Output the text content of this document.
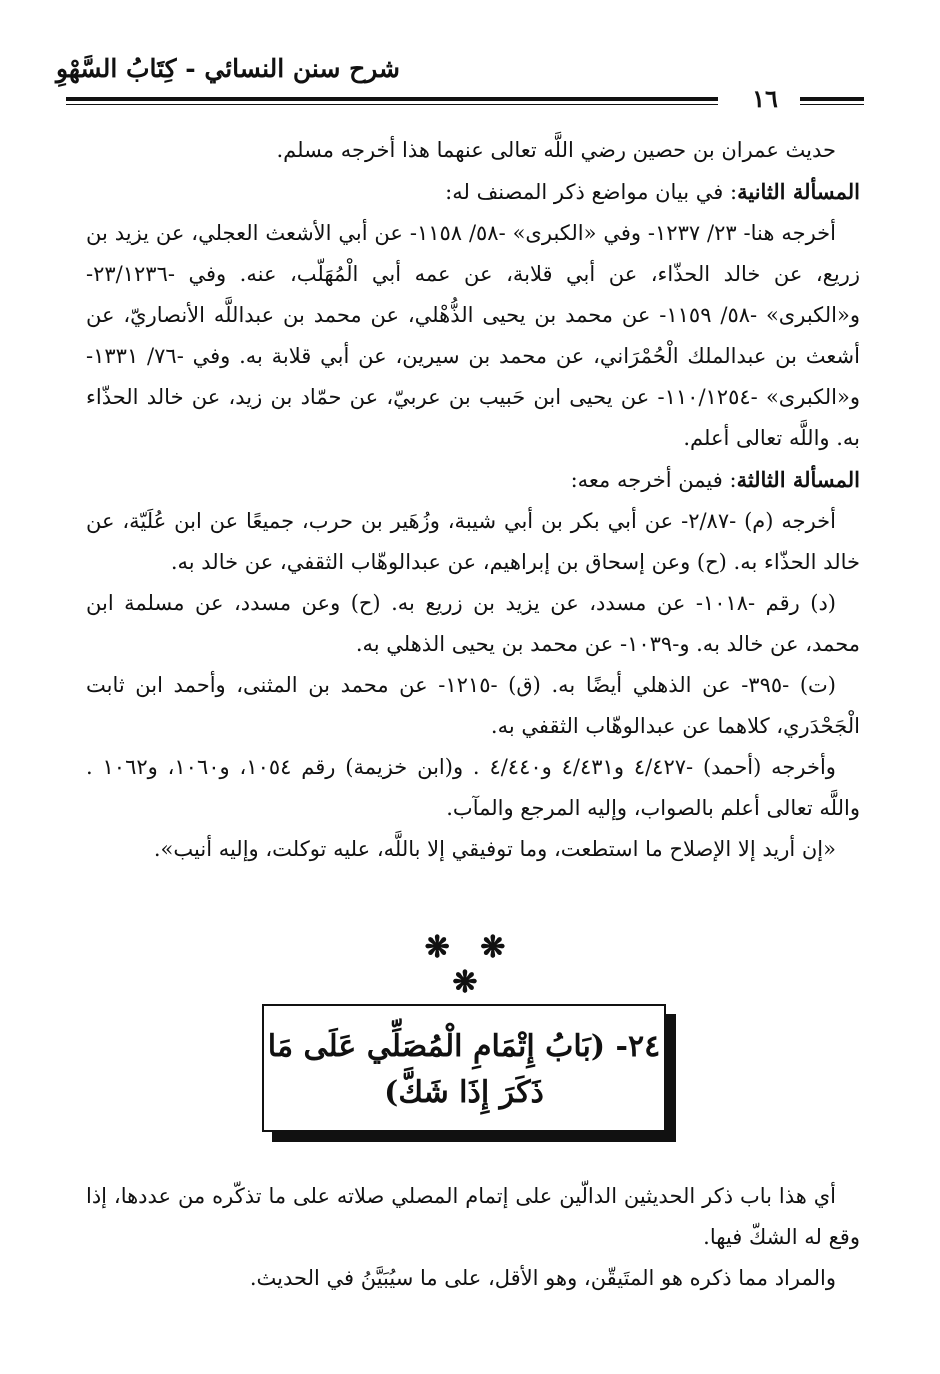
شرح سنن النسائي - كِتَابُ السَّهْوِ
١٦

حديث عمران بن حصين رضي اللَّه تعالى عنهما هذا أخرجه مسلم.

المسألة الثانية: في بيان مواضع ذكر المصنف له:

أخرجه هنا- ٢٣/ ١٢٣٧- وفي «الكبرى» -٥٨/ ١١٥٨- عن أبي الأشعث العجلي، عن يزيد بن زريع، عن خالد الحذّاء، عن أبي قلابة، عن عمه أبي الْمُهَلّب، عنه. وفي -٢٣/١٢٣٦- و«الكبرى» -٥٨/ ١١٥٩- عن محمد بن يحيى الذُّهْلي، عن محمد بن عبداللَّه الأنصاريّ، عن أشعث بن عبدالملك الْحُمْرَاني، عن محمد بن سيرين، عن أبي قلابة به. وفي -٧٦/ ١٣٣١- و«الكبرى» -١١٠/١٢٥٤- عن يحيى ابن حَبيب بن عربيّ، عن حمّاد بن زيد، عن خالد الحذّاء به. واللَّه تعالى أعلم.

المسألة الثالثة: فيمن أخرجه معه:

أخرجه (م) -٢/٨٧- عن أبي بكر بن أبي شيبة، وزُهَير بن حرب، جميعًا عن ابن عُلَيّة، عن خالد الحذّاء به. (ح) وعن إسحاق بن إبراهيم، عن عبدالوهّاب الثقفي، عن خالد به.

(د) رقم -١٠١٨- عن مسدد، عن يزيد بن زريع به. (ح) وعن مسدد، عن مسلمة ابن محمد، عن خالد به. و-١٠٣٩- عن محمد بن يحيى الذهلي به.

(ت) -٣٩٥- عن الذهلي أيضًا به. (ق) -١٢١٥- عن محمد بن المثنى، وأحمد ابن ثابت الْجَحْدَري، كلاهما عن عبدالوهّاب الثقفي به.

وأخرجه (أحمد) -٤/٤٢٧ و٤/٤٣١ و٤/٤٤٠ . و(ابن خزيمة) رقم ١٠٥٤، و١٠٦٠، و١٠٦٢ . واللَّه تعالى أعلم بالصواب، وإليه المرجع والمآب.

«إن أريد إلا الإصلاح ما استطعت، وما توفيقي إلا باللَّه، عليه توكلت، وإليه أنيب».

❋ ❋ ❋
٢٤- (بَابُ إِتْمَامِ الْمُصَلِّي عَلَى مَا
ذَكَرَ إِذَا شَكَّ)

أي هذا باب ذكر الحديثين الدالّين على إتمام المصلي صلاته على ما تذكّره من عددها، إذا وقع له الشكّ فيها.

والمراد مما ذكره هو المتَيقّن، وهو الأقل، على ما سيُبَيَّنُ في الحديث.
